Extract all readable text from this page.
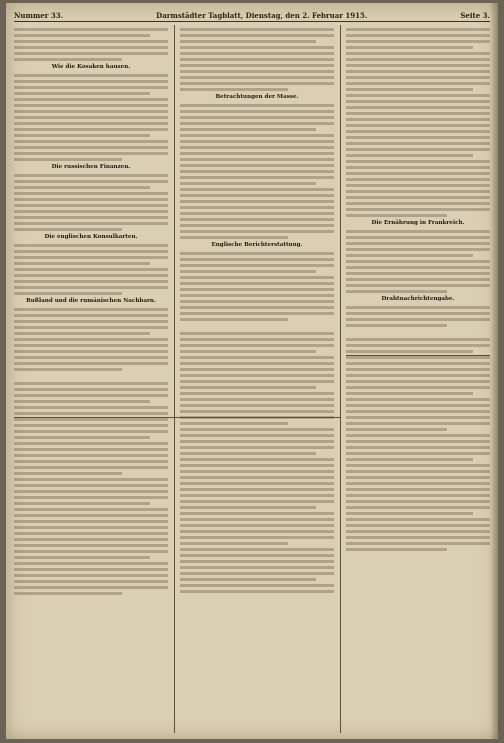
Nummer 33.	Darmstädter Tagblatt, Dienstag, den 2. Februar 1915.	Seite 3.
Wie die Kosaken hausen.
Die russischen Finanzen.
Die englischen Konsulkarten.
Rußland und die rumänischen Nachbarn.
Betrachtungen der Masse.
Englische Berichterstattung.
Die Ernährung in Frankreich.
Drahtnachrichtengabe.
